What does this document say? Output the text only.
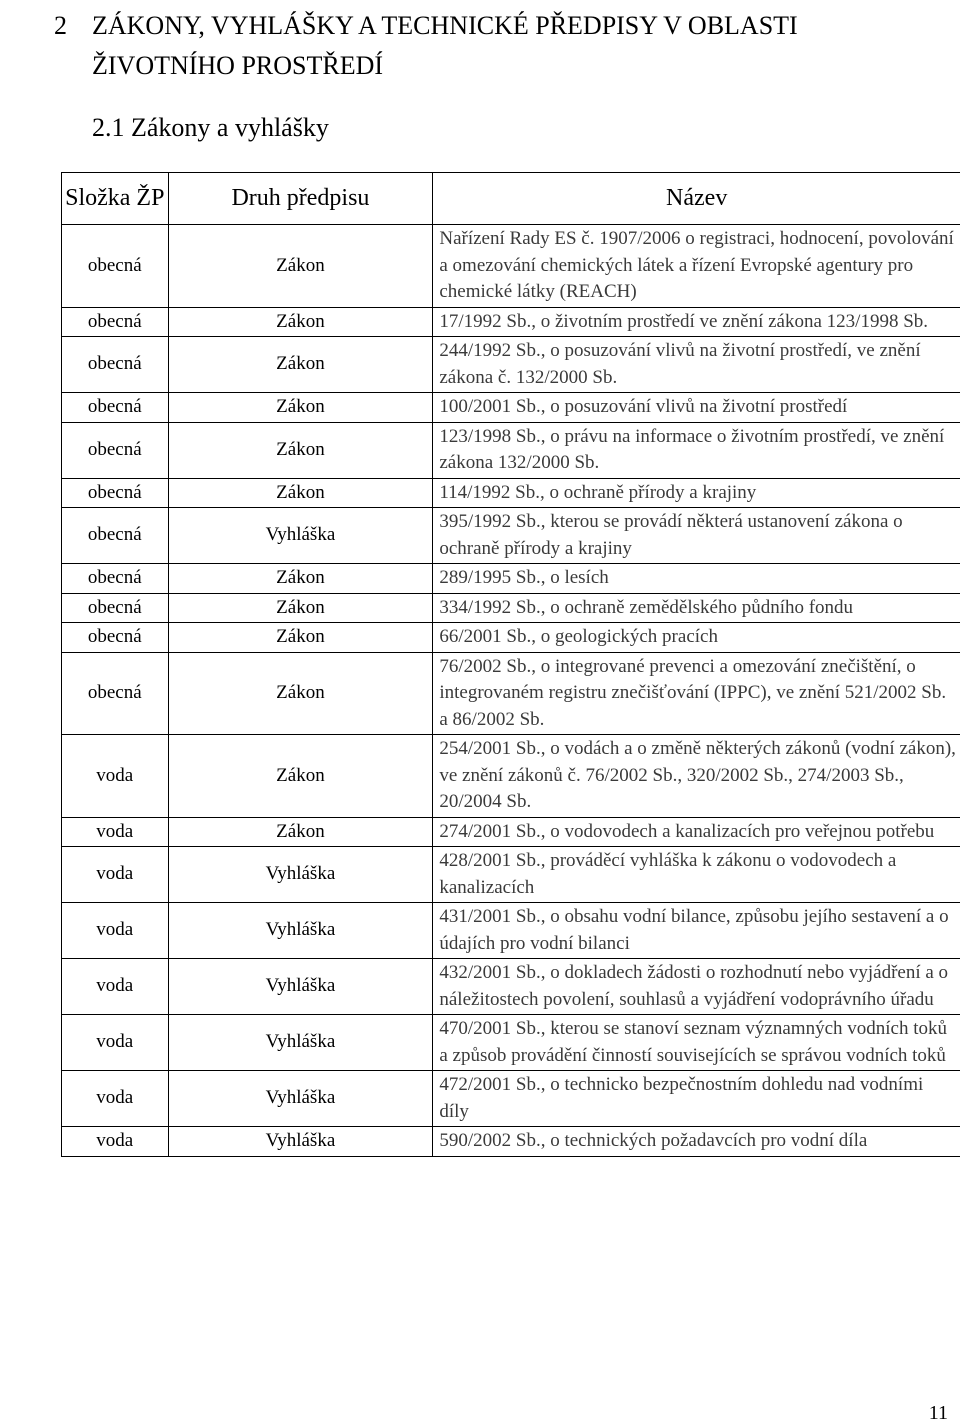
2 ZÁKONY, VYHLÁŠKY A TECHNICKÉ PŘEDPISY V OBLASTI ŽIVOTNÍHO PROSTŘEDÍ
2.1 Zákony a vyhlášky
Složka ŽP	Druh předpisu	Název
obecná	Zákon	Nařízení Rady ES č. 1907/2006 o registraci, hodnocení, povolování a omezování chemických látek a řízení Evropské agentury pro chemické látky (REACH)
obecná	Zákon	17/1992 Sb., o životním prostředí ve znění zákona 123/1998 Sb.
obecná	Zákon	244/1992 Sb., o posuzování vlivů na životní prostředí, ve znění zákona č. 132/2000 Sb.
obecná	Zákon	100/2001 Sb., o posuzování vlivů na životní prostředí
obecná	Zákon	123/1998 Sb., o právu na informace o životním prostředí, ve znění zákona 132/2000 Sb.
obecná	Zákon	114/1992 Sb., o ochraně přírody a krajiny
obecná	Vyhláška	395/1992 Sb., kterou se provádí některá ustanovení zákona o ochraně přírody a krajiny
obecná	Zákon	289/1995 Sb., o lesích
obecná	Zákon	334/1992 Sb., o ochraně zemědělského půdního fondu
obecná	Zákon	66/2001 Sb., o geologických pracích
obecná	Zákon	76/2002 Sb., o integrované prevenci a omezování znečištění, o integrovaném registru znečišťování (IPPC), ve znění 521/2002 Sb. a 86/2002 Sb.
voda	Zákon	254/2001 Sb., o vodách a o změně některých zákonů (vodní zákon), ve znění zákonů č. 76/2002 Sb., 320/2002 Sb., 274/2003 Sb., 20/2004 Sb.
voda	Zákon	274/2001 Sb., o vodovodech a kanalizacích pro veřejnou potřebu
voda	Vyhláška	428/2001 Sb., prováděcí vyhláška k zákonu o vodovodech a kanalizacích
voda	Vyhláška	431/2001 Sb., o obsahu vodní bilance, způsobu jejího sestavení a o údajích pro vodní bilanci
voda	Vyhláška	432/2001 Sb., o dokladech žádosti o rozhodnutí nebo vyjádření a o náležitostech povolení, souhlasů a vyjádření vodoprávního úřadu
voda	Vyhláška	470/2001 Sb., kterou se stanoví seznam významných vodních toků a způsob provádění činností souvisejících se správou vodních toků
voda	Vyhláška	472/2001 Sb., o technicko bezpečnostním dohledu nad vodními díly
voda	Vyhláška	590/2002 Sb., o technických požadavcích pro vodní díla
11
